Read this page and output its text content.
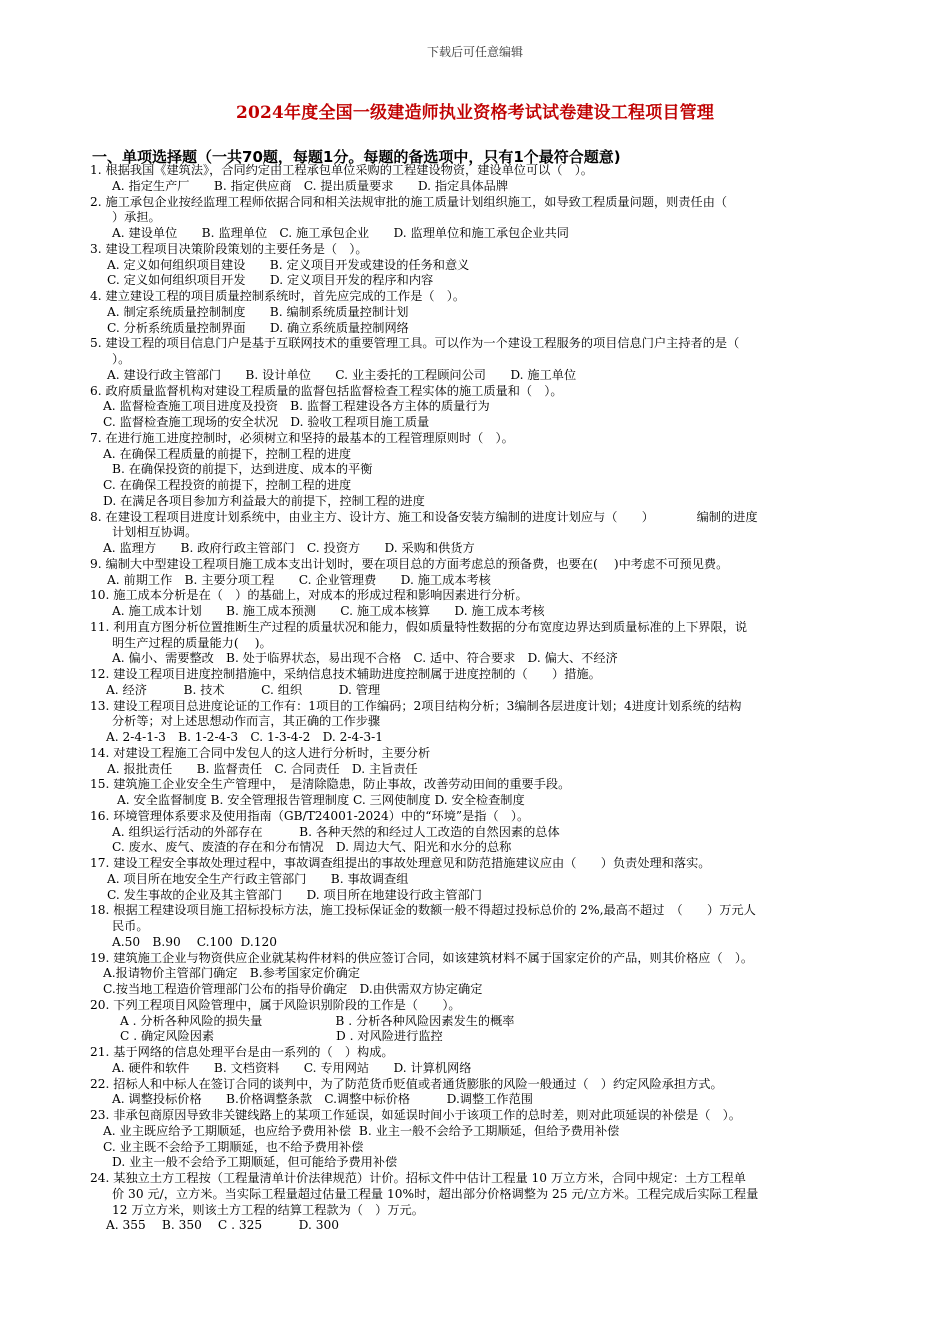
下载后可任意编辑
2024年度全国一级建造师执业资格考试试卷建设工程项目管理
一、单项选择题（一共70题，每题1分。每题的备选项中，只有1个最符合题意)
1. 根据我国《建筑法》，合同约定由工程承包单位采购的工程建设物资，建设单位可以（　）。
A. 指定生产厂　　B. 指定供应商　C. 提出质量要求　　D. 指定具体品牌
2. 施工承包企业按经监理工程师依据合同和相关法规审批的施工质量计划组织施工，如导致工程质量问题，则责任由（
）承担。
A. 建设单位　　B. 监理单位　C. 施工承包企业　　D. 监理单位和施工承包企业共同
3. 建设工程项目决策阶段策划的主要任务是（　）。
A. 定义如何组织项目建设　　B. 定义项目开发或建设的任务和意义
C. 定义如何组织项目开发　　D. 定义项目开发的程序和内容
4. 建立建设工程的项目质量控制系统时，首先应完成的工作是（　）。
A. 制定系统质量控制制度　　B. 编制系统质量控制计划
C. 分析系统质量控制界面　　D. 确立系统质量控制网络
5. 建设工程的项目信息门户是基于互联网技术的重要管理工具。可以作为一个建设工程服务的项目信息门户主持者的是（
）。
A. 建设行政主管部门　　B. 设计单位　　C. 业主委托的工程顾问公司　　D. 施工单位
6. 政府质量监督机构对建设工程质量的监督包括监督检查工程实体的施工质量和（　）。
A. 监督检查施工项目进度及投资　B. 监督工程建设各方主体的质量行为
C. 监督检查施工现场的安全状况　D. 验收工程项目施工质量
7. 在进行施工进度控制时，必须树立和坚持的最基本的工程管理原则时（　）。
A. 在确保工程质量的前提下，控制工程的进度
B. 在确保投资的前提下，达到进度、成本的平衡
C. 在确保工程投资的前提下，控制工程的进度
D. 在满足各项目参加方利益最大的前提下，控制工程的进度
8. 在建设工程项目进度计划系统中，由业主方、设计方、施工和设备安装方编制的进度计划应与（　　）　　　　编制的进度
计划相互协调。
A. 监理方　　B. 政府行政主管部门　C. 投资方　　D. 采购和供货方
9. 编制大中型建设工程项目施工成本支出计划时，要在项目总的方面考虑总的预备费，也要在(　 )中考虑不可预见费。
A. 前期工作　B. 主要分项工程　　C. 企业管理费　　D. 施工成本考核
10. 施工成本分析是在（　）的基础上，对成本的形成过程和影响因素进行分析。
A. 施工成本计划　　B. 施工成本预测　　C. 施工成本核算　　D. 施工成本考核
11. 利用直方图分析位置推断生产过程的质量状况和能力，假如质量特性数据的分布宽度边界达到质量标准的上下界限，说
明生产过程的质量能力(　 )。
A. 偏小、需要整改　B. 处于临界状态，易出现不合格　C. 适中、符合要求　D. 偏大、不经济
12. 建设工程项目进度控制措施中，采纳信息技术辅助进度控制属于进度控制的（　　）措施。
A. 经济　　　B. 技术　　　C. 组织　　　D. 管理
13. 建设工程项目总进度论证的工作有：1项目的工作编码；2项目结构分析；3编制各层进度计划；4进度计划系统的结构
分析等；对上述思想动作而言，其正确的工作步骤
A. 2-4-1-3　B. 1-2-4-3　C. 1-3-4-2　D. 2-4-3-1
14. 对建设工程施工合同中发包人的这人进行分析时，主要分析
A. 报批责任　　B. 监督责任　C. 合同责任　D. 主旨责任
15. 建筑施工企业安全生产管理中，　是清除隐患，防止事故，改善劳动田间的重要手段。
A. 安全监督制度 B. 安全管理报告管理制度 C. 三网使制度 D. 安全检查制度
16. 环境管理体系要求及使用指南（GB/T24001-2024）中的“环境”是指（　）。
A. 组织运行活动的外部存在　　　B. 各种天然的和经过人工改造的自然因素的总体
C. 废水、废气、废渣的存在和分布情况　D. 周边大气、阳光和水分的总称
17. 建设工程安全事故处理过程中，事故调查组提出的事故处理意见和防范措施建议应由（　　）负责处理和落实。
A. 项目所在地安全生产行政主管部门　　B. 事故调查组
C. 发生事故的企业及其主管部门　　D. 项目所在地建设行政主管部门
18. 根据工程建设项目施工招标投标方法，施工投标保证金的数额一般不得超过投标总价的 2%,最高不超过　（　　）万元人
民币。
A.50　B.90　 C.100  D.120
19. 建筑施工企业与物资供应企业就某构件材料的供应签订合同，如该建筑材料不属于国家定价的产品，则其价格应（　）。
A.报请物价主管部门确定　B.参考国家定价确定
C.按当地工程造价管理部门公布的指导价确定　D.由供需双方协定确定
20. 下列工程项目风险管理中，属于风险识别阶段的工作是（　　）。
A . 分析各种风险的损失量　　　　　　B . 分析各种风险因素发生的概率
C . 确定风险因素　　　　　　　　　　D . 对风险进行监控
21. 基于网络的信息处理平台是由一系列的（　）构成。
A. 硬件和软件　　B. 文档资料　　C. 专用网站　　D. 计算机网络
22. 招标人和中标人在签订合同的谈判中，为了防范货币贬值或者通货膨胀的风险一般通过（　）约定风险承担方式。
A. 调整投标价格　　B.价格调整条款　C.调整中标价格　　　D.调整工作范围
23. 非承包商原因导致非关键线路上的某项工作延误，如延误时间小于该项工作的总时差，则对此项延误的补偿是（　）。
A. 业主既应给予工期顺延，也应给予费用补偿  B. 业主一般不会给予工期顺延，但给予费用补偿
C. 业主既不会给予工期顺延，也不给予费用补偿
D. 业主一般不会给予工期顺延，但可能给予费用补偿
24. 某独立土方工程按（工程量清单计价法律规范）计价。招标文件中估计工程量 10 万立方米，合同中规定：土方工程单
价 30 元/，立方米。当实际工程量超过估量工程量 10%时，超出部分价格调整为 25 元/立方米。工程完成后实际工程量
12 万立方米，则该土方工程的结算工程款为（　）万元。
A. 355　 B. 350　 C . 325　　　D. 300
